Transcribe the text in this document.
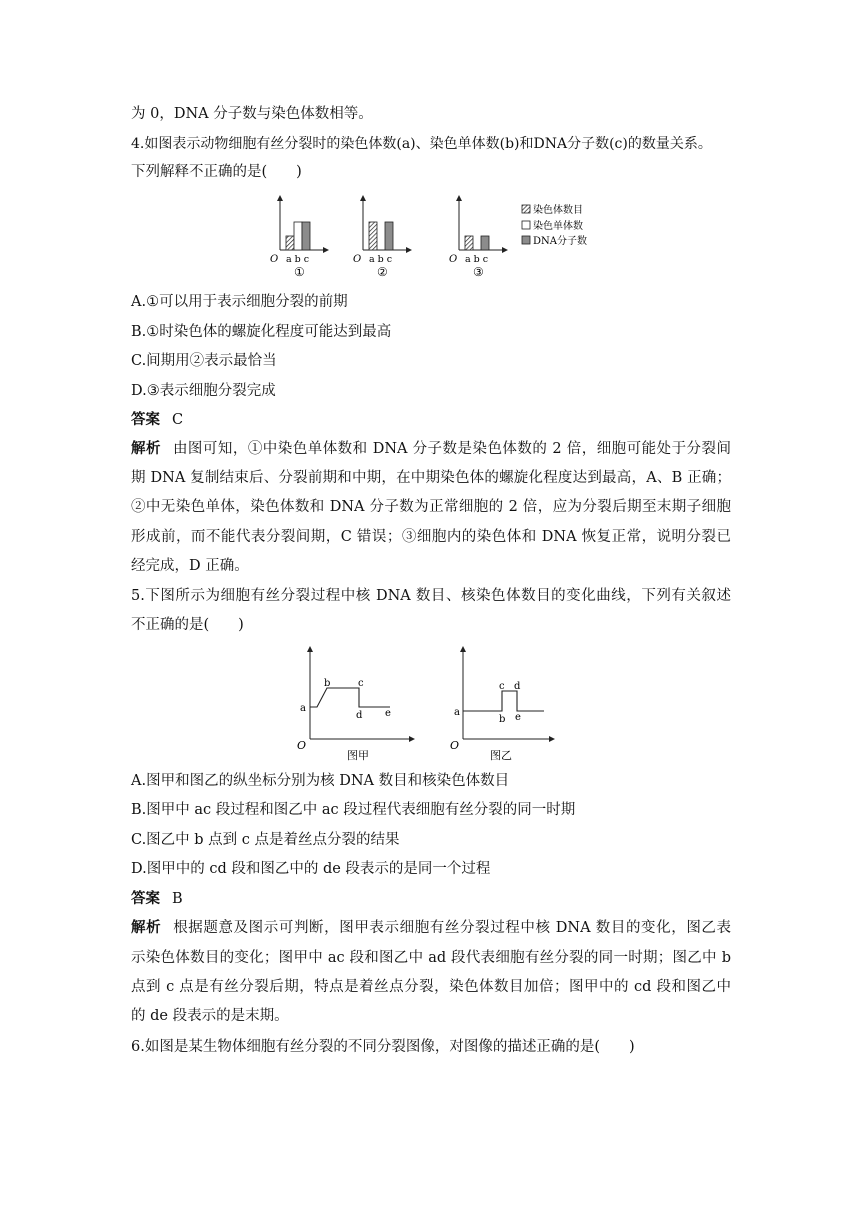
为 0，DNA 分子数与染色体数相等。
4.如图表示动物细胞有丝分裂时的染色体数(a)、染色单体数(b)和DNA分子数(c)的数量关系。
下列解释不正确的是(　　)
O a b c
①
O a b c
②
O a b c
③
染色体数目
染色单体数
DNA分子数
A.①可以用于表示细胞分裂的前期
B.①时染色体的螺旋化程度可能达到最高
C.间期用②表示最恰当
D.③表示细胞分裂完成
答案 C
解析 由图可知，①中染色单体数和 DNA 分子数是染色体数的 2 倍，细胞可能处于分裂间
期 DNA 复制结束后、分裂前期和中期，在中期染色体的螺旋化程度达到最高，A、B 正确；
②中无染色单体，染色体数和 DNA 分子数为正常细胞的 2 倍，应为分裂后期至末期子细胞
形成前，而不能代表分裂间期，C 错误；③细胞内的染色体和 DNA 恢复正常，说明分裂已
经完成，D 正确。
5.下图所示为细胞有丝分裂过程中核 DNA 数目、核染色体数目的变化曲线，下列有关叙述
不正确的是(　　)
O
a
b	c
d e
图甲
O
a
b
c d
e
图乙
A.图甲和图乙的纵坐标分别为核 DNA 数目和核染色体数目
B.图甲中 ac 段过程和图乙中 ac 段过程代表细胞有丝分裂的同一时期
C.图乙中 b 点到 c 点是着丝点分裂的结果
D.图甲中的 cd 段和图乙中的 de 段表示的是同一个过程
答案 B
解析 根据题意及图示可判断，图甲表示细胞有丝分裂过程中核 DNA 数目的变化，图乙表
示染色体数目的变化；图甲中 ac 段和图乙中 ad 段代表细胞有丝分裂的同一时期；图乙中 b
点到 c 点是有丝分裂后期，特点是着丝点分裂，染色体数目加倍；图甲中的 cd 段和图乙中
的 de 段表示的是末期。
6.如图是某生物体细胞有丝分裂的不同分裂图像，对图像的描述正确的是(　　)
